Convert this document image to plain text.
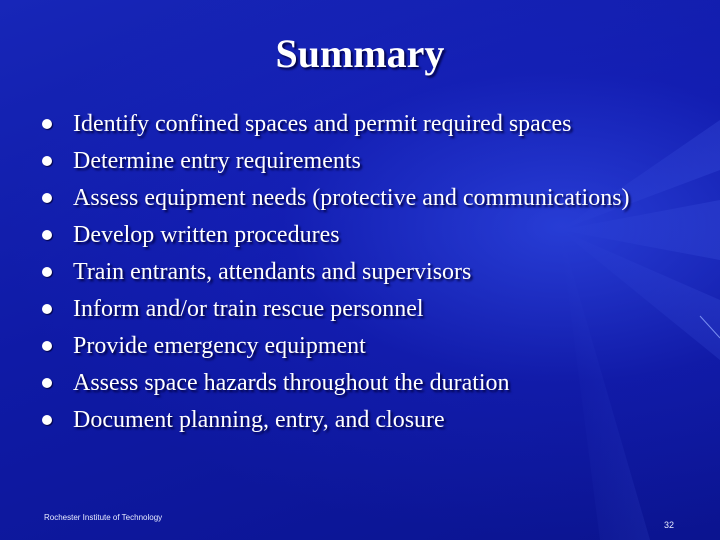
Summary
Identify confined spaces and permit required spaces
Determine entry requirements
Assess equipment needs (protective and communications)
Develop written procedures
Train entrants, attendants and supervisors
Inform and/or train rescue personnel
Provide emergency equipment
Assess space hazards throughout the duration
Document planning, entry, and closure

Rochester Institute of Technology

32
